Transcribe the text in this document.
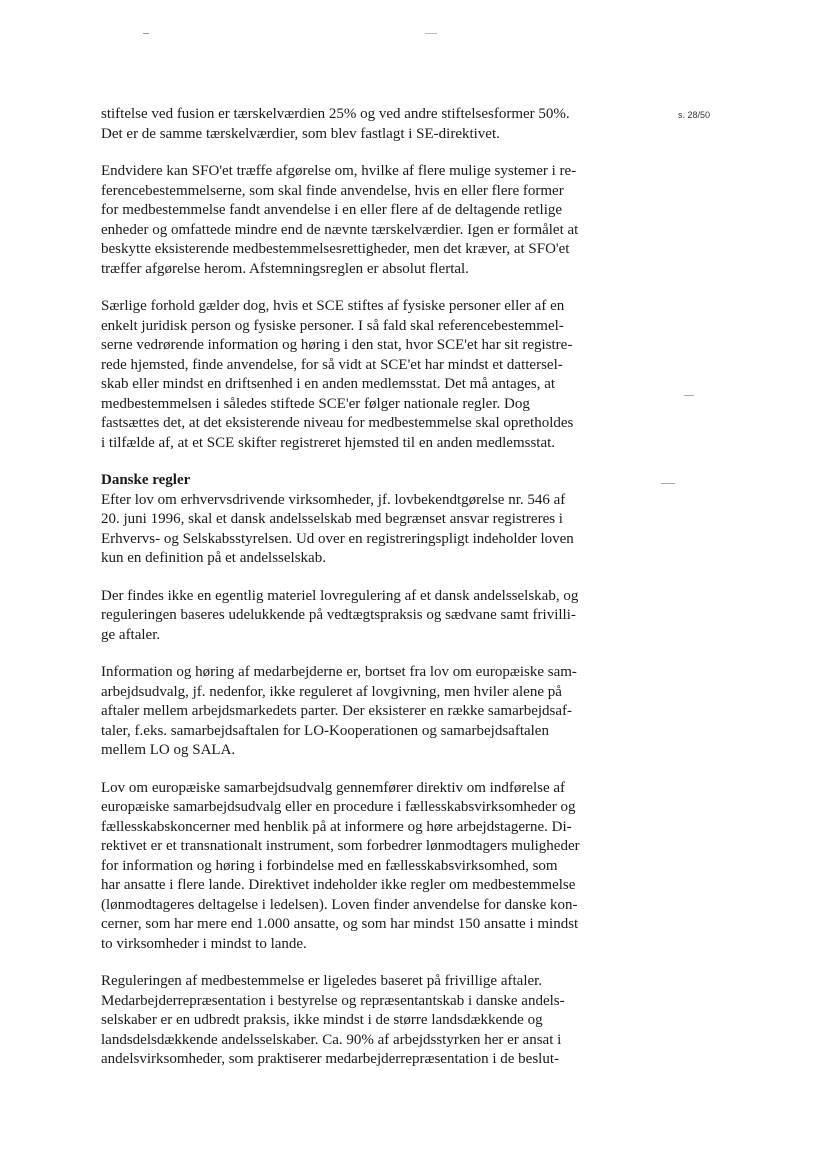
s. 28/50

stiftelse ved fusion er tærskelværdien 25% og ved andre stiftelsesformer 50%.
Det er de samme tærskelværdier, som blev fastlagt i SE-direktivet.

Endvidere kan SFO'et træffe afgørelse om, hvilke af flere mulige systemer i re-
ferencebestemmelserne, som skal finde anvendelse, hvis en eller flere former
for medbestemmelse fandt anvendelse i en eller flere af de deltagende retlige
enheder og omfattede mindre end de nævnte tærskelværdier. Igen er formålet at
beskytte eksisterende medbestemmelsesrettigheder, men det kræver, at SFO'et
træffer afgørelse herom. Afstemningsreglen er absolut flertal.

Særlige forhold gælder dog, hvis et SCE stiftes af fysiske personer eller af en
enkelt juridisk person og fysiske personer. I så fald skal referencebestemmel-
serne vedrørende information og høring i den stat, hvor SCE'et har sit registre-
rede hjemsted, finde anvendelse, for så vidt at SCE'et har mindst et dattersel-
skab eller mindst en driftsenhed i en anden medlemsstat. Det må antages, at
medbestemmelsen i således stiftede SCE'er følger nationale regler. Dog
fastsættes det, at det eksisterende niveau for medbestemmelse skal opretholdes
i tilfælde af, at et SCE skifter registreret hjemsted til en anden medlemsstat.

Danske regler
Efter lov om erhvervsdrivende virksomheder, jf. lovbekendtgørelse nr. 546 af
20. juni 1996, skal et dansk andelsselskab med begrænset ansvar registreres i
Erhvervs- og Selskabsstyrelsen. Ud over en registreringspligt indeholder loven
kun en definition på et andelsselskab.

Der findes ikke en egentlig materiel lovregulering af et dansk andelsselskab, og
reguleringen baseres udelukkende på vedtægtspraksis og sædvane samt frivilli-
ge aftaler.

Information og høring af medarbejderne er, bortset fra lov om europæiske sam-
arbejdsudvalg, jf. nedenfor, ikke reguleret af lovgivning, men hviler alene på
aftaler mellem arbejdsmarkedets parter. Der eksisterer en række samarbejdsaf-
taler, f.eks. samarbejdsaftalen for LO-Kooperationen og samarbejdsaftalen
mellem LO og SALA.

Lov om europæiske samarbejdsudvalg gennemfører direktiv om indførelse af
europæiske samarbejdsudvalg eller en procedure i fællesskabsvirksomheder og
fællesskabskoncerner med henblik på at informere og høre arbejdstagerne. Di-
rektivet er et transnationalt instrument, som forbedrer lønmodtagers muligheder
for information og høring i forbindelse med en fællesskabsvirksomhed, som
har ansatte i flere lande. Direktivet indeholder ikke regler om medbestemmelse
(lønmodtageres deltagelse i ledelsen). Loven finder anvendelse for danske kon-
cerner, som har mere end 1.000 ansatte, og som har mindst 150 ansatte i mindst
to virksomheder i mindst to lande.

Reguleringen af medbestemmelse er ligeledes baseret på frivillige aftaler.
Medarbejderrepræsentation i bestyrelse og repræsentantskab i danske andels-
selskaber er en udbredt praksis, ikke mindst i de større landsdækkende og
landsdelsdækkende andelsselskaber. Ca. 90% af arbejdsstyrken her er ansat i
andelsvirksomheder, som praktiserer medarbejderrepræsentation i de beslut-
